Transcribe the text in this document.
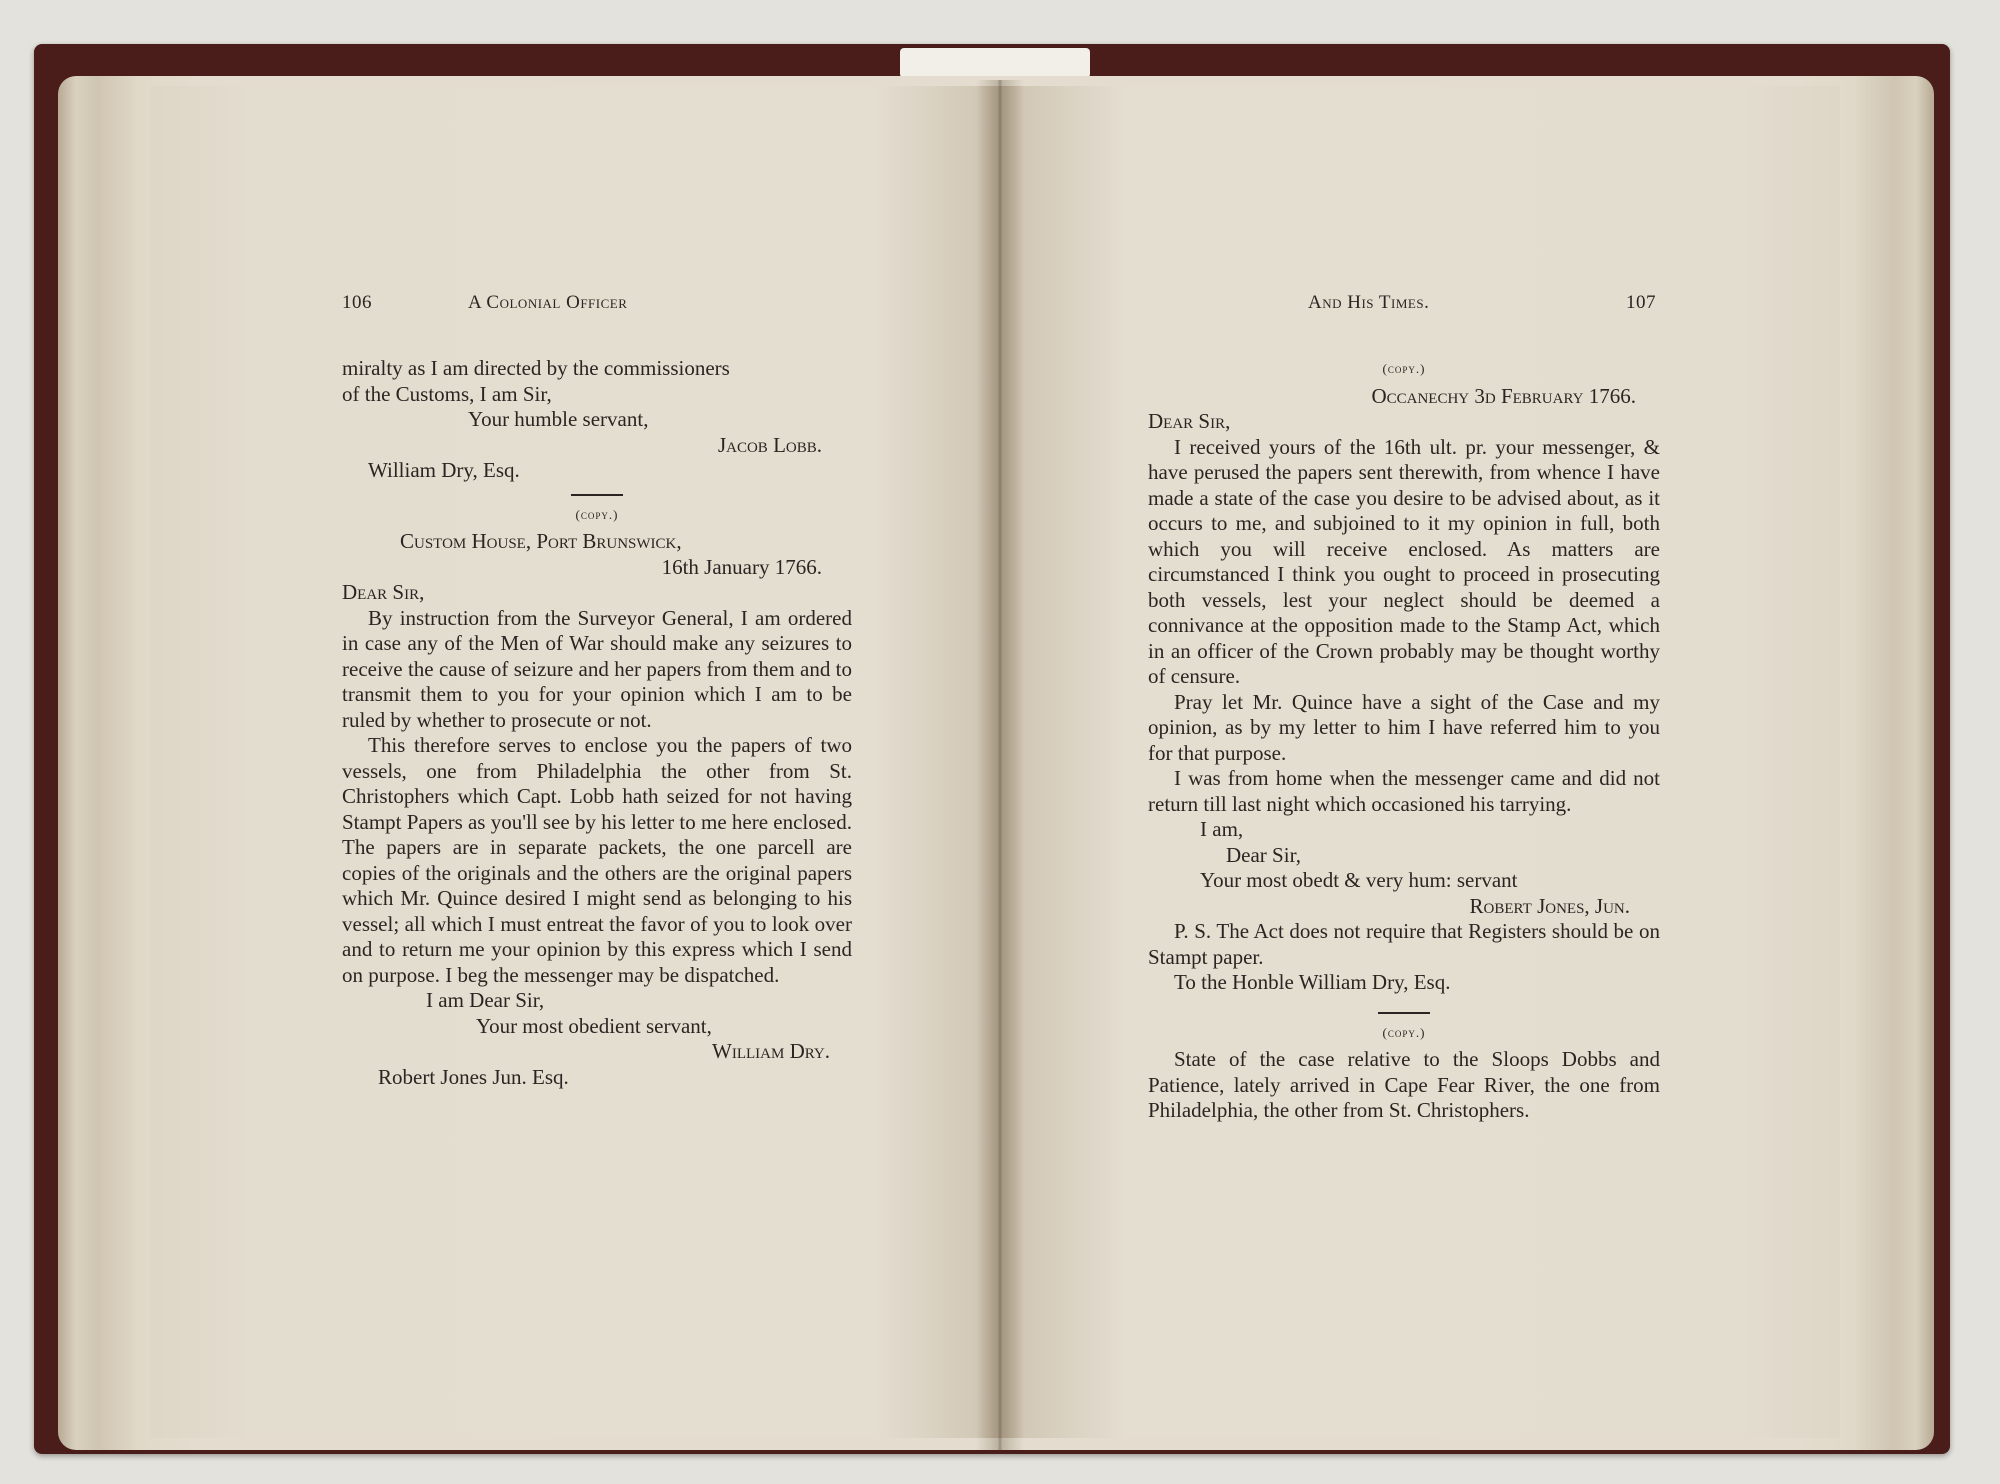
106	A Colonial Officer	And His Times.	107

miralty as I am directed by the commissioners

of the Customs, I am Sir,

Your humble servant,

Jacob Lobb.

William Dry, Esq.

(copy.)

Custom House, Port Brunswick,

16th January 1766.

Dear Sir,

By instruction from the Surveyor General, I am ordered in case any of the Men of War should make any seizures to receive the cause of seizure and her papers from them and to transmit them to you for your opinion which I am to be ruled by whether to prosecute or not.

This therefore serves to enclose you the papers of two vessels, one from Philadelphia the other from St. Christophers which Capt. Lobb hath seized for not having Stampt Papers as you'll see by his letter to me here enclosed. The papers are in separate packets, the one parcell are copies of the originals and the others are the original papers which Mr. Quince desired I might send as belonging to his vessel; all which I must entreat the favor of you to look over and to return me your opinion by this express which I send on purpose. I beg the messenger may be dispatched.

I am Dear Sir,

Your most obedient servant,

William Dry.

Robert Jones Jun. Esq.

(copy.)

Occanechy 3d February 1766.

Dear Sir,

I received yours of the 16th ult. pr. your messenger, & have perused the papers sent therewith, from whence I have made a state of the case you desire to be advised about, as it occurs to me, and subjoined to it my opinion in full, both which you will receive enclosed. As matters are circumstanced I think you ought to proceed in prosecuting both vessels, lest your neglect should be deemed a connivance at the opposition made to the Stamp Act, which in an officer of the Crown probably may be thought worthy of censure.

Pray let Mr. Quince have a sight of the Case and my opinion, as by my letter to him I have referred him to you for that purpose.

I was from home when the messenger came and did not return till last night which occasioned his tarrying.

I am,

Dear Sir,

Your most obedt & very hum: servant

Robert Jones, Jun.

P. S. The Act does not require that Registers should be on Stampt paper.

To the Honble William Dry, Esq.

(copy.)

State of the case relative to the Sloops Dobbs and Patience, lately arrived in Cape Fear River, the one from Philadelphia, the other from St. Christophers.
